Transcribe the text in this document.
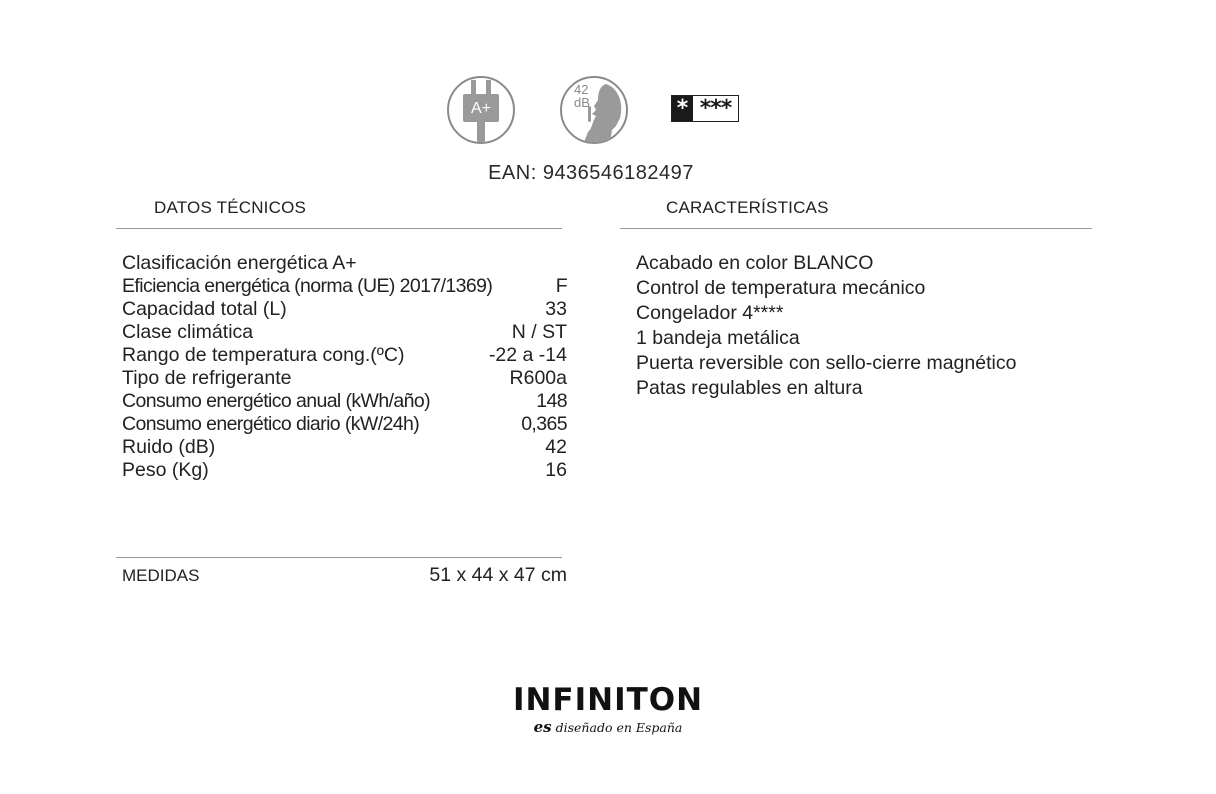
A+
42
dB	* ***
EAN: 9436546182497
DATOS TÉCNICOS	CARACTERÍSTICAS
Clasificación energética A+
Eficiencia energética (norma (UE) 2017/1369)	F
Capacidad total (L)	33
Clase climática	N / ST
Rango de temperatura cong.(ºC)	-22 a -14
Tipo de refrigerante	R600a
Consumo energético anual (kWh/año)	148
Consumo energético diario (kW/24h)	0,365
Ruido (dB)	42
Peso (Kg)	16
Acabado en color BLANCO
Control de temperatura mecánico
Congelador 4****
1 bandeja metálica
Puerta reversible con sello-cierre magnético
Patas regulables en altura
MEDIDAS	51 x 44 x 47 cm
INFINITON
es diseñado en España
